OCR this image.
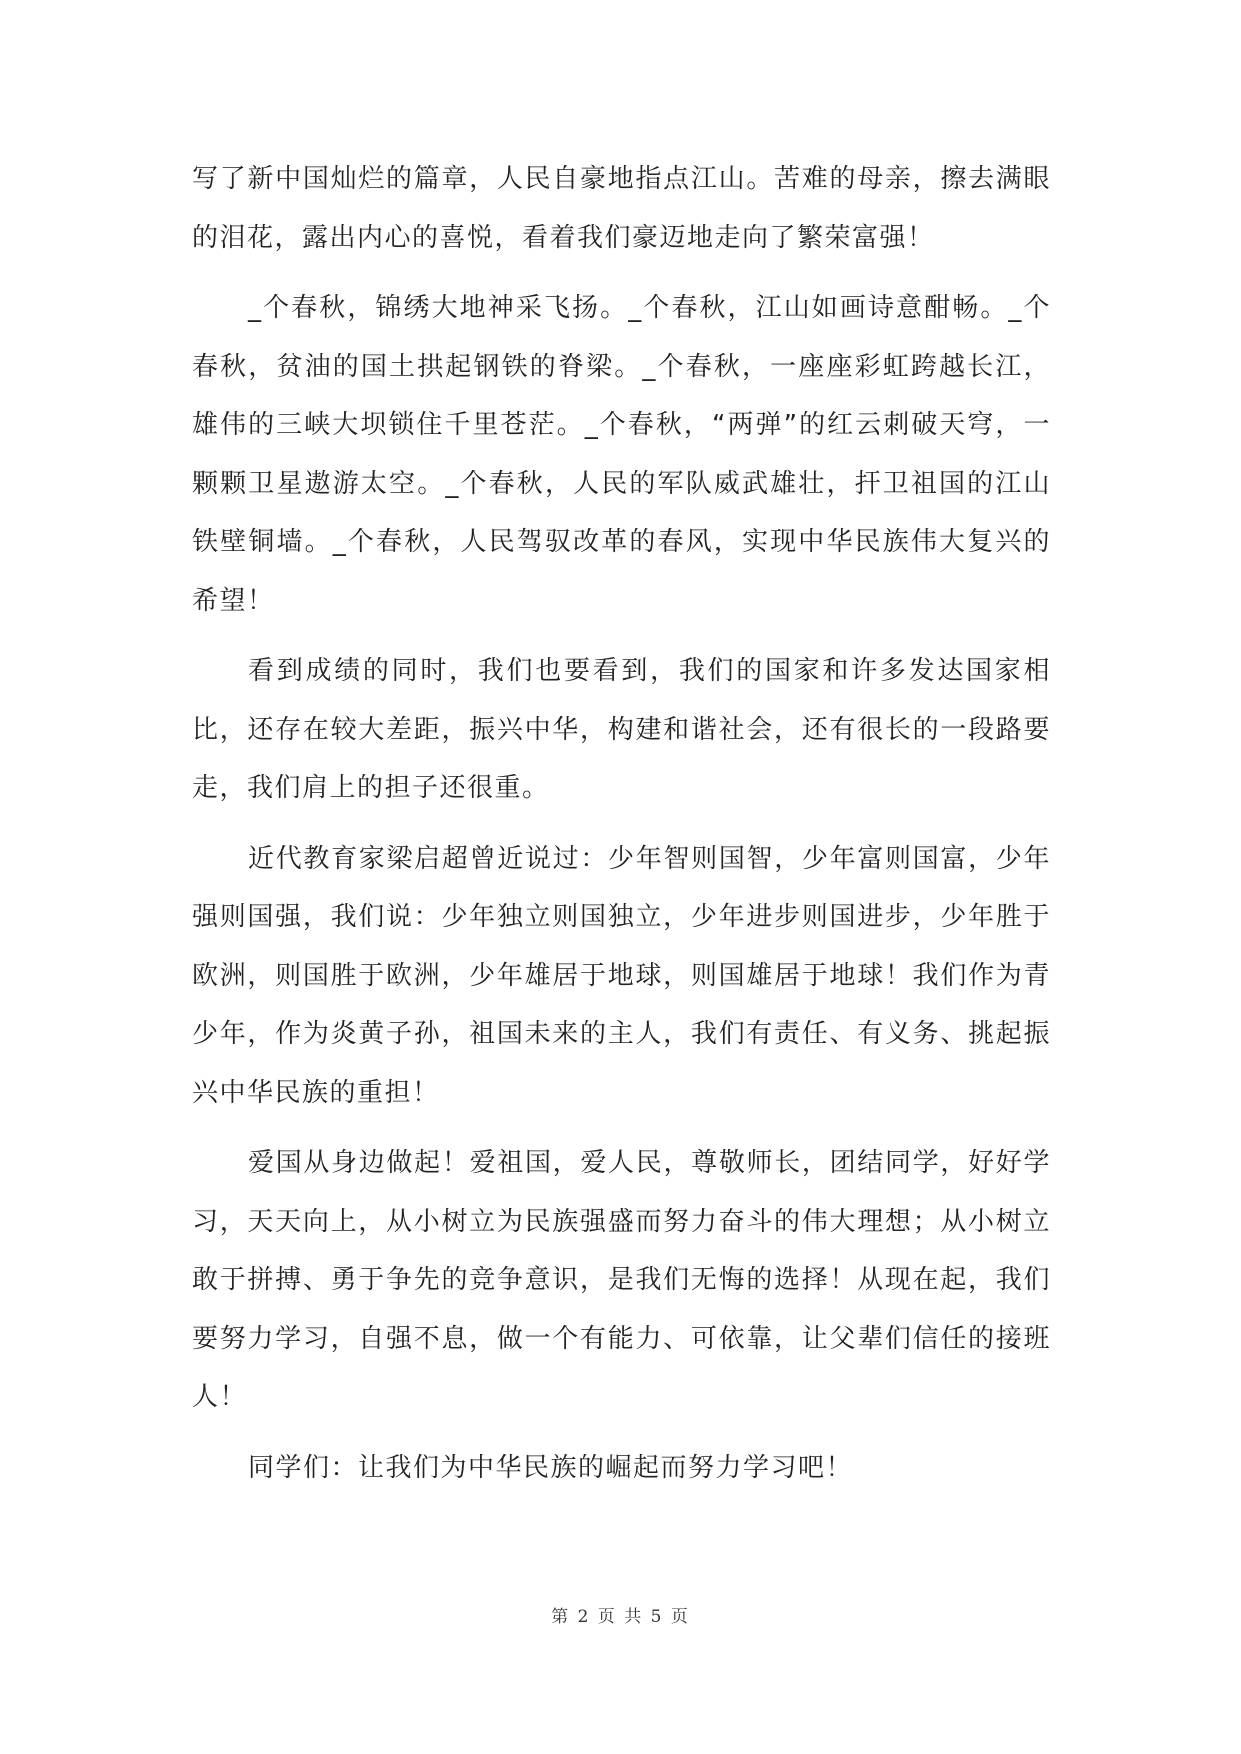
写了新中国灿烂的篇章，人民自豪地指点江山。苦难的母亲，擦去满眼的泪花，露出内心的喜悦，看着我们豪迈地走向了繁荣富强！

_个春秋，锦绣大地神采飞扬。_个春秋，江山如画诗意酣畅。_个春秋，贫油的国土拱起钢铁的脊梁。_个春秋，一座座彩虹跨越长江，雄伟的三峡大坝锁住千里苍茫。_个春秋，“两弹”的红云刺破天穹，一颗颗卫星遨游太空。_个春秋，人民的军队威武雄壮，扞卫祖国的江山铁壁铜墙。_个春秋，人民驾驭改革的春风，实现中华民族伟大复兴的希望！

看到成绩的同时，我们也要看到，我们的国家和许多发达国家相比，还存在较大差距，振兴中华，构建和谐社会，还有很长的一段路要走，我们肩上的担子还很重。

近代教育家梁启超曾近说过：少年智则国智，少年富则国富，少年强则国强，我们说：少年独立则国独立，少年进步则国进步，少年胜于欧洲，则国胜于欧洲，少年雄居于地球，则国雄居于地球！我们作为青少年，作为炎黄子孙，祖国未来的主人，我们有责任、有义务、挑起振兴中华民族的重担！

爱国从身边做起！爱祖国，爱人民，尊敬师长，团结同学，好好学习，天天向上，从小树立为民族强盛而努力奋斗的伟大理想；从小树立敢于拼搏、勇于争先的竞争意识，是我们无悔的选择！从现在起，我们要努力学习，自强不息，做一个有能力、可依靠，让父辈们信任的接班人！

同学们：让我们为中华民族的崛起而努力学习吧！

第 2 页 共 5 页
